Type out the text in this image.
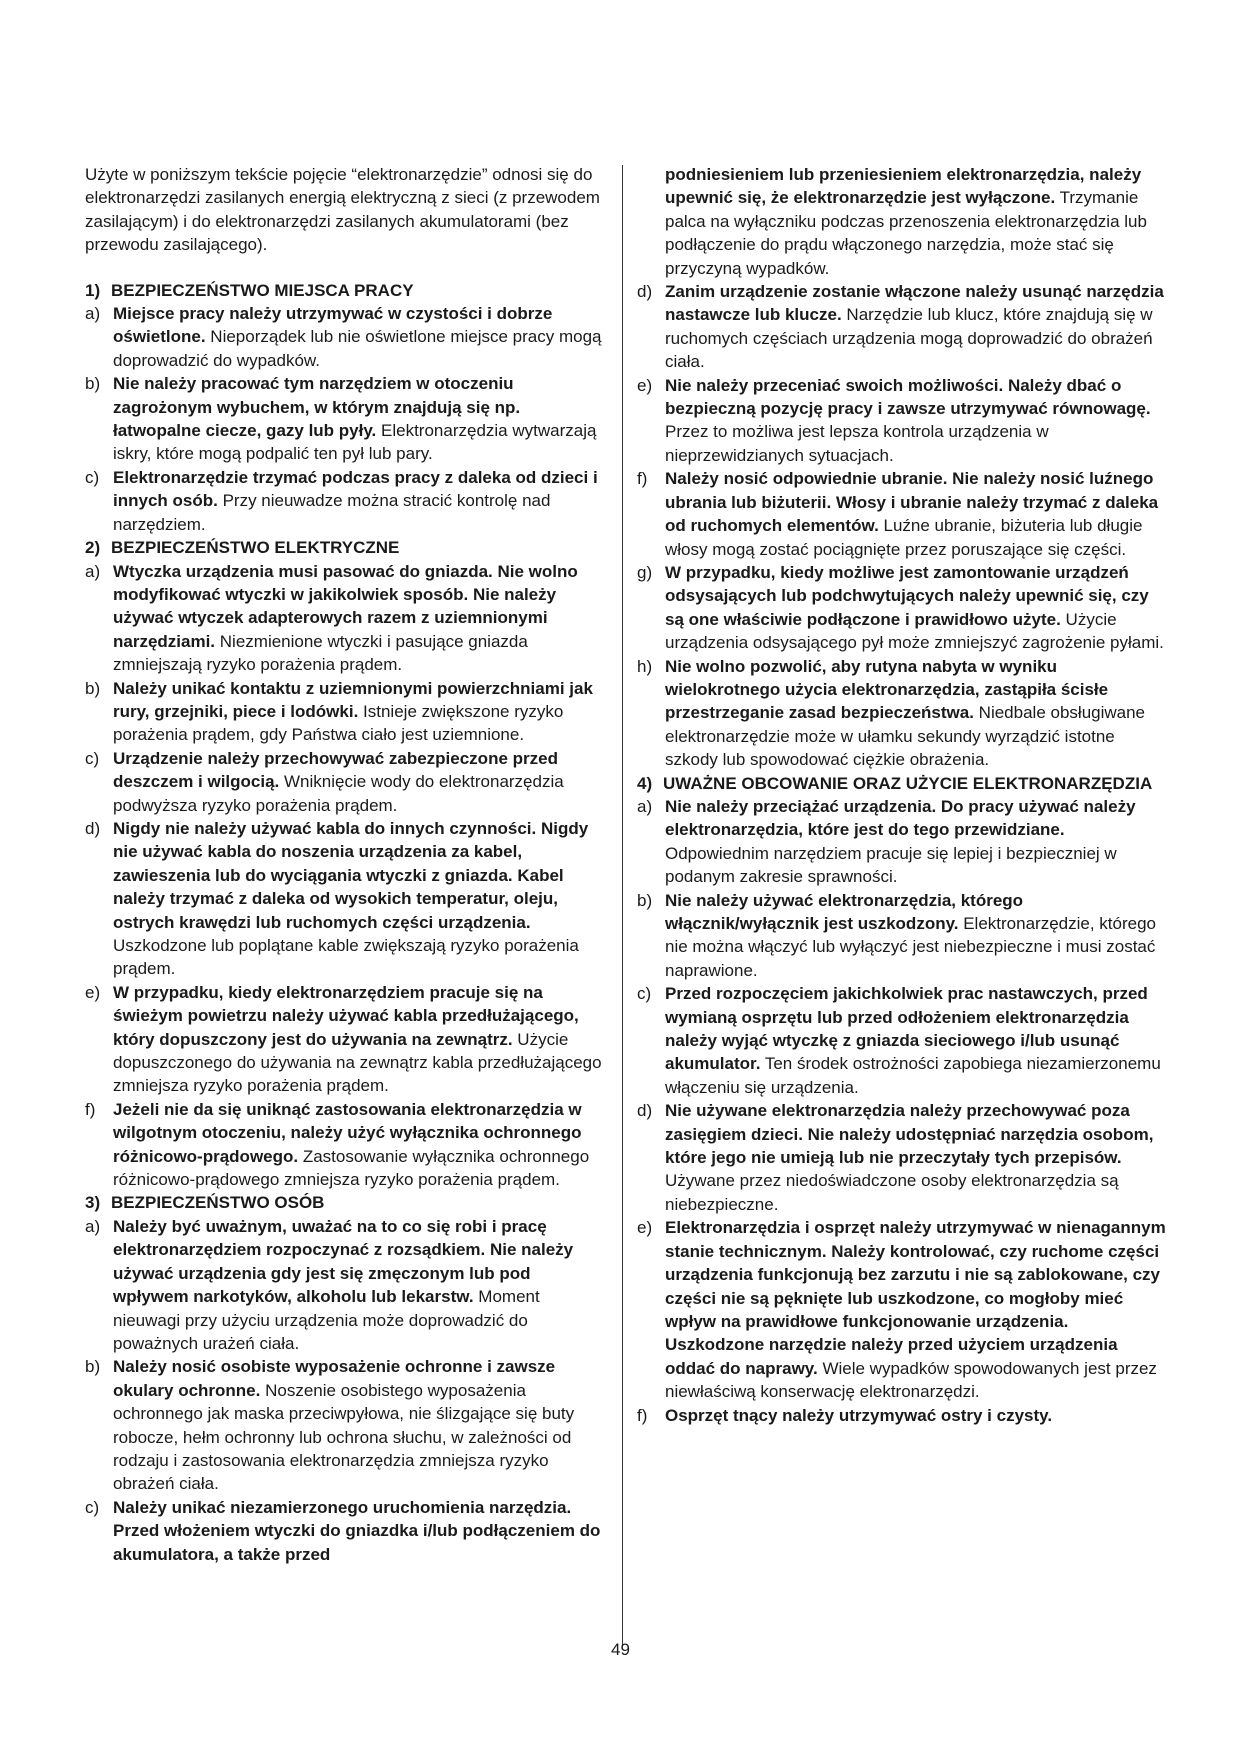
Użyte w poniższym tekście pojęcie “elektronarzędzie” odnosi się do elektronarzędzi zasilanych energią elektryczną z sieci (z przewodem zasilającym) i do elektronarzędzi zasilanych akumulatorami (bez przewodu zasilającego).

1) BEZPIECZEŃSTWO MIEJSCA PRACY
a) Miejsce pracy należy utrzymywać w czystości i dobrze oświetlone. Nieporządek lub nie oświetlone miejsce pracy mogą doprowadzić do wypadków.
b) Nie należy pracować tym narzędziem w otoczeniu zagrożonym wybuchem, w którym znajdują się np. łatwopalne ciecze, gazy lub pyły. Elektronarzędzia wytwarzają iskry, które mogą podpalić ten pył lub pary.
c) Elektronarzędzie trzymać podczas pracy z daleka od dzieci i innych osób. Przy nieuwadze można stracić kontrolę nad narzędziem.
2) BEZPIECZEŃSTWO ELEKTRYCZNE
a) Wtyczka urządzenia musi pasować do gniazda. Nie wolno modyfikować wtyczki w jakikolwiek sposób. Nie należy używać wtyczek adapterowych razem z uziemnionymi narzędziami. Niezmienione wtyczki i pasujące gniazda zmniejszają ryzyko porażenia prądem.
b) Należy unikać kontaktu z uziemnionymi powierzchniami jak rury, grzejniki, piece i lodówki. Istnieje zwiększone ryzyko porażenia prądem, gdy Państwa ciało jest uziemnione.
c) Urządzenie należy przechowywać zabezpieczone przed deszczem i wilgocią. Wniknięcie wody do elektronarzędzia podwyższa ryzyko porażenia prądem.
d) Nigdy nie należy używać kabla do innych czynności. Nigdy nie używać kabla do noszenia urządzenia za kabel, zawieszenia lub do wyciągania wtyczki z gniazda. Kabel należy trzymać z daleka od wysokich temperatur, oleju, ostrych krawędzi lub ruchomych części urządzenia. Uszkodzone lub poplątane kable zwiększają ryzyko porażenia prądem.
e) W przypadku, kiedy elektronarzędziem pracuje się na świeżym powietrzu należy używać kabla przedłużającego, który dopuszczony jest do używania na zewnątrz. Użycie dopuszczonego do używania na zewnątrz kabla przedłużającego zmniejsza ryzyko porażenia prądem.
f)	Jeżeli nie da się uniknąć zastosowania elektronarzędzia w wilgotnym otoczeniu, należy użyć wyłącznika ochronnego różnicowo-prądowego. Zastosowanie wyłącznika ochronnego różnicowo-prądowego zmniejsza ryzyko porażenia prądem.
3) BEZPIECZEŃSTWO OSÓB
a) Należy być uważnym, uważać na to co się robi i pracę elektronarzędziem rozpoczynać z rozsądkiem. Nie należy używać urządzenia gdy jest się zmęczonym lub pod wpływem narkotyków, alkoholu lub lekarstw. Moment nieuwagi przy użyciu urządzenia może doprowadzić do poważnych urażeń ciała.
b) Należy nosić osobiste wyposażenie ochronne i zawsze okulary ochronne. Noszenie osobistego wyposażenia ochronnego jak maska przeciwpyłowa, nie ślizgające się buty robocze, hełm ochronny lub ochrona słuchu, w zależności od rodzaju i zastosowania elektronarzędzia zmniejsza ryzyko obrażeń ciała.
c) Należy unikać niezamierzonego uruchomienia narzędzia. Przed włożeniem wtyczki do gniazdka i/lub podłączeniem do akumulatora, a także przed

podniesieniem lub przeniesieniem elektronarzędzia, należy upewnić się, że elektronarzędzie jest wyłączone. Trzymanie palca na wyłączniku podczas przenoszenia elektronarzędzia lub podłączenie do prądu włączonego narzędzia, może stać się przyczyną wypadków.

d) Zanim urządzenie zostanie włączone należy usunąć narzędzia nastawcze lub klucze. Narzędzie lub klucz, które znajdują się w ruchomych częściach urządzenia mogą doprowadzić do obrażeń ciała.
e) Nie należy przeceniać swoich możliwości. Należy dbać o bezpieczną pozycję pracy i zawsze utrzymywać równowagę. Przez to możliwa jest lepsza kontrola urządzenia w nieprzewidzianych sytuacjach.
f)	Należy nosić odpowiednie ubranie. Nie należy nosić luźnego ubrania lub biżuterii. Włosy i ubranie należy trzymać z daleka od ruchomych elementów. Luźne ubranie, biżuteria lub długie włosy mogą zostać pociągnięte przez poruszające się części.
g) W przypadku, kiedy możliwe jest zamontowanie urządzeń odsysających lub podchwytujących należy upewnić się, czy są one właściwie podłączone i prawidłowo użyte. Użycie urządzenia odsysającego pył może zmniejszyć zagrożenie pyłami.
h) Nie wolno pozwolić, aby rutyna nabyta w wyniku wielokrotnego użycia elektronarzędzia, zastąpiła ścisłe przestrzeganie zasad bezpieczeństwa. Niedbale obsługiwane elektronarzędzie może w ułamku sekundy wyrządzić istotne szkody lub spowodować ciężkie obrażenia.
4) UWAŻNE OBCOWANIE ORAZ UŻYCIE ELEKTRONARZĘDZIA
a) Nie należy przeciążać urządzenia. Do pracy używać należy elektronarzędzia, które jest do tego przewidziane. Odpowiednim narzędziem pracuje się lepiej i bezpieczniej w podanym zakresie sprawności.
b) Nie należy używać elektronarzędzia, którego włącznik/wyłącznik jest uszkodzony. Elektronarzędzie, którego nie można włączyć lub wyłączyć jest niebezpieczne i musi zostać naprawione.
c) Przed rozpoczęciem jakichkolwiek prac nastawczych, przed wymianą osprzętu lub przed odłożeniem elektronarzędzia należy wyjąć wtyczkę z gniazda sieciowego i/lub usunąć akumulator. Ten środek ostrożności zapobiega niezamierzonemu włączeniu się urządzenia.
d) Nie używane elektronarzędzia należy przechowywać poza zasięgiem dzieci. Nie należy udostępniać narzędzia osobom, które jego nie umieją lub nie przeczytały tych przepisów. Używane przez niedoświadczone osoby elektronarzędzia są niebezpieczne.
e) Elektronarzędzia i osprzęt należy utrzymywać w nienagannym stanie technicznym. Należy kontrolować, czy ruchome części urządzenia funkcjonują bez zarzutu i nie są zablokowane, czy części nie są pęknięte lub uszkodzone, co mogłoby mieć wpływ na prawidłowe funkcjonowanie urządzenia. Uszkodzone narzędzie należy przed użyciem urządzenia oddać do naprawy. Wiele wypadków spowodowanych jest przez niewłaściwą konserwację elektronarzędzi.
f)	Osprzęt tnący należy utrzymywać ostry i czysty.
49
